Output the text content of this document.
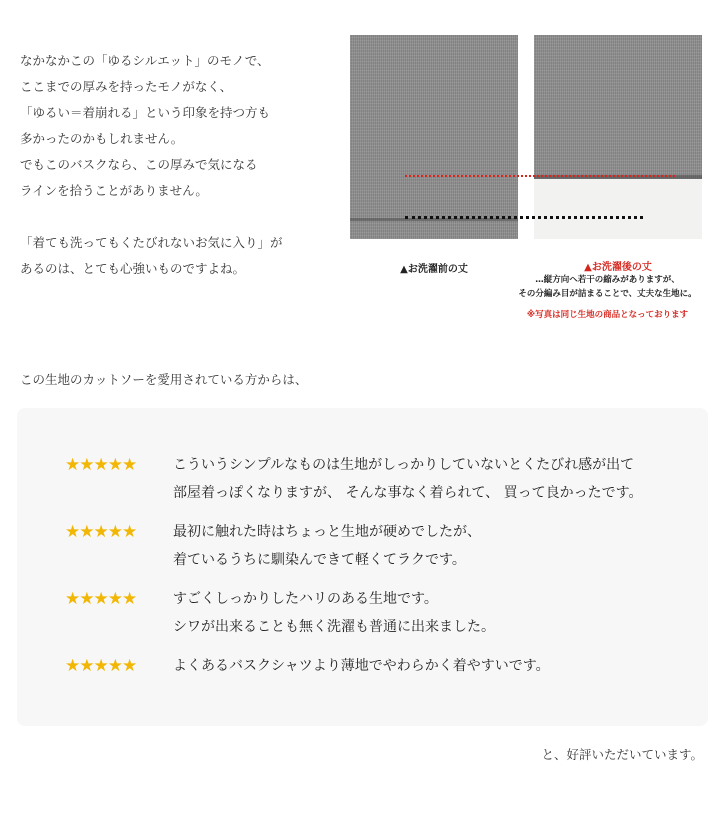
なかなかこの「ゆるシルエット」のモノで、
ここまでの厚みを持ったモノがなく、
「ゆるい＝着崩れる」という印象を持つ方も
多かったのかもしれません。
でもこのバスクなら、この厚みで気になる
ラインを拾うことがありません。
「着ても洗ってもくたびれないお気に入り」が
あるのは、とても心強いものですよね。	▲お洗濯前の丈	▲お洗濯後の丈
…縦方向へ若干の縮みがありますが、
その分編み目が詰まることで、丈夫な生地に。
※写真は同じ生地の商品となっております
この生地のカットソーを愛用されている方からは、
★★★★★	こういうシンプルなものは生地がしっかりしていないとくたびれ感が出て
部屋着っぽくなりますが、 そんな事なく着られて、 買って良かったです。
★★★★★	最初に触れた時はちょっと生地が硬めでしたが、
着ているうちに馴染んできて軽くてラクです。
★★★★★	すごくしっかりしたハリのある生地です。
シワが出来ることも無く洗濯も普通に出来ました。
★★★★★	よくあるバスクシャツより薄地でやわらかく着やすいです。
と、好評いただいています。
